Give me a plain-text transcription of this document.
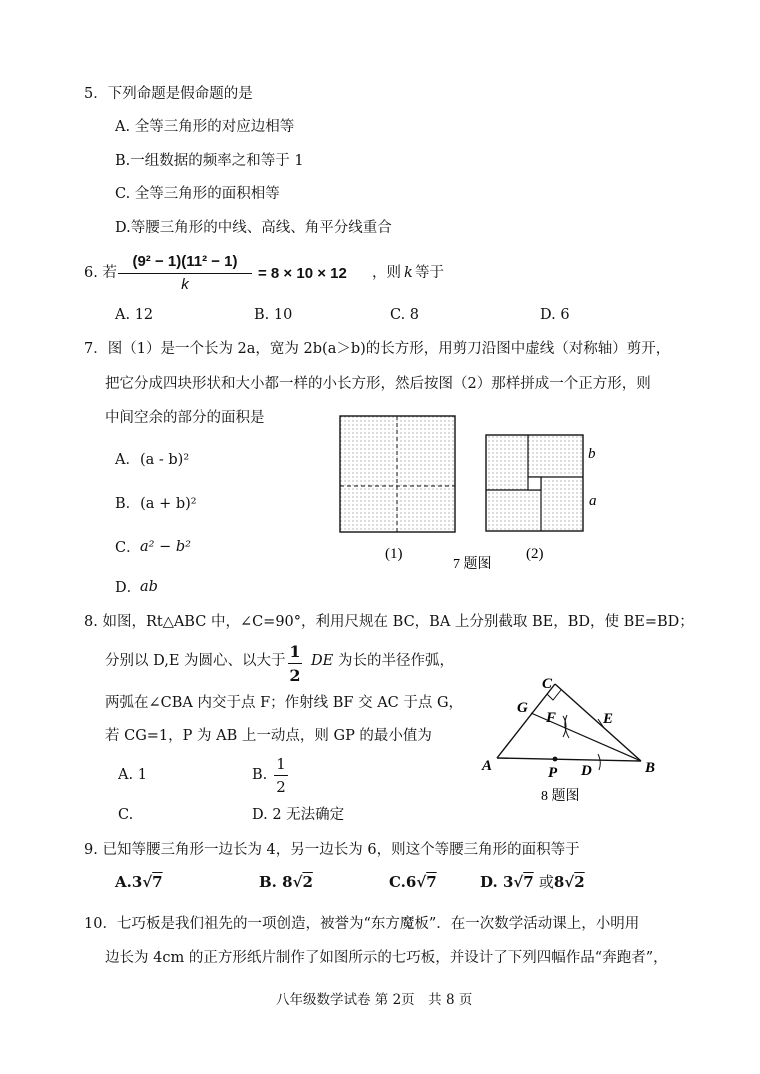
5．下列命题是假命题的是
A. 全等三角形的对应边相等
B.一组数据的频率之和等于 1
C. 全等三角形的面积相等
D.等腰三角形的中线、高线、角平分线重合
6. 若
(9² − 1)(11² − 1)
k
= 8 × 10 × 12 ，则 k 等于
A. 12	B. 10	C. 8	D. 6
7．图（1）是一个长为 2a，宽为 2b(a＞b)的长方形，用剪刀沿图中虚线（对称轴）剪开，
把它分成四块形状和大小都一样的小长方形，然后按图（2）那样拼成一个正方形，则
中间空余的部分的面积是
A．(a - b)²
B．(a + b)²
C． a² − b²
D．
ab
(1)
7 题图
b
a
(2)
8. 如图，Rt△ABC 中，∠C=90°，利用尺规在 BC，BA 上分别截取 BE，BD，使 BE=BD；
分别以 D,E 为圆心、以大于 1
2
DE 为长的半径作弧，
两弧在∠CBA 内交于点 F；作射线 BF 交 AC 于点 G，
若 CG=1，P 为 AB 上一动点，则 GP 的最小值为
A. 1	B.
1
2
C.	D. 2 无法确定
C
G
F	E
A	P D	B
8 题图
9. 已知等腰三角形一边长为 4，另一边长为 6，则这个等腰三角形的面积等于
A.3√7	B. 8√2	C.6√7	D. 3√7 或8√2
10．七巧板是我们祖先的一项创造，被誉为“东方魔板”．在一次数学活动课上，小明用
边长为 4cm 的正方形纸片制作了如图所示的七巧板，并设计了下列四幅作品“奔跑者”，
八年级数学试卷 第 2页　共 8 页
